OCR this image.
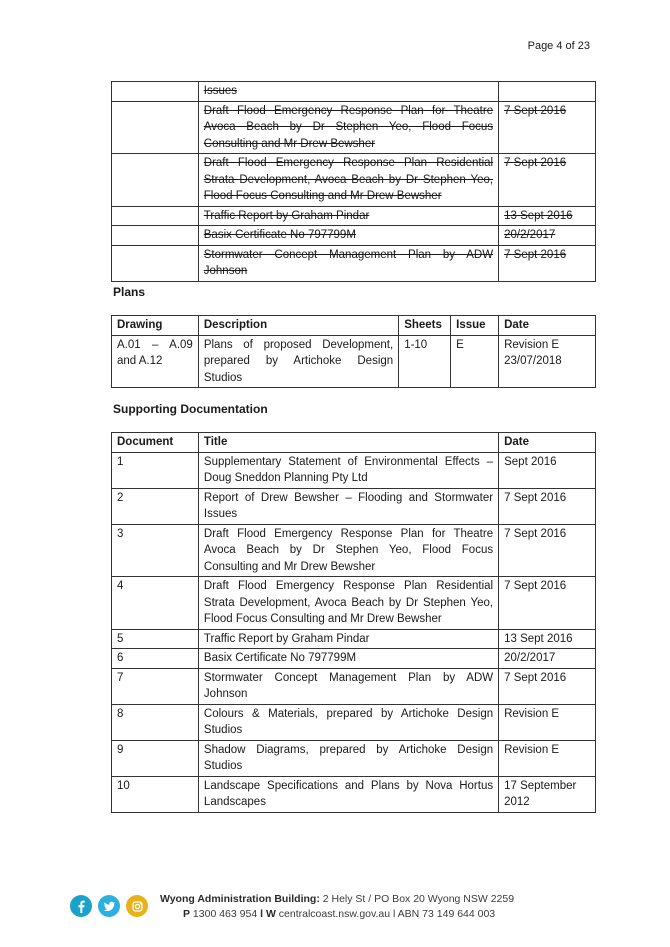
Page 4 of 23
	Issues	
	Draft Flood Emergency Response Plan for Theatre Avoca Beach by Dr Stephen Yeo, Flood Focus Consulting and Mr Drew Bewsher	7 Sept 2016
	Draft Flood Emergency Response Plan Residential Strata Development, Avoca Beach by Dr Stephen Yeo, Flood Focus Consulting and Mr Drew Bewsher	7 Sept 2016
	Traffic Report by Graham Pindar	13 Sept 2016
	Basix Certificate No 797799M	20/2/2017
	Stormwater Concept Management Plan by ADW Johnson	7 Sept 2016
Plans
Drawing	Description	Sheets	Issue	Date
A.01 – A.09 and A.12	Plans of proposed Development, prepared by Artichoke Design Studios	1-10	E	Revision E 23/07/2018
Supporting Documentation
Document	Title	Date
1	Supplementary Statement of Environmental Effects – Doug Sneddon Planning Pty Ltd	Sept 2016
2	Report of Drew Bewsher – Flooding and Stormwater Issues	7 Sept 2016
3	Draft Flood Emergency Response Plan for Theatre Avoca Beach by Dr Stephen Yeo, Flood Focus Consulting and Mr Drew Bewsher	7 Sept 2016
4	Draft Flood Emergency Response Plan Residential Strata Development, Avoca Beach by Dr Stephen Yeo, Flood Focus Consulting and Mr Drew Bewsher	7 Sept 2016
5	Traffic Report by Graham Pindar	13 Sept 2016
6	Basix Certificate No 797799M	20/2/2017
7	Stormwater Concept Management Plan by ADW Johnson	7 Sept 2016
8	Colours & Materials, prepared by Artichoke Design Studios	Revision E
9	Shadow Diagrams, prepared by Artichoke Design Studios	Revision E
10	Landscape Specifications and Plans by Nova Hortus Landscapes	17 September 2012
Wyong Administration Building: 2 Hely St / PO Box 20 Wyong NSW 2259
P 1300 463 954 l W centralcoast.nsw.gov.au l ABN 73 149 644 003
